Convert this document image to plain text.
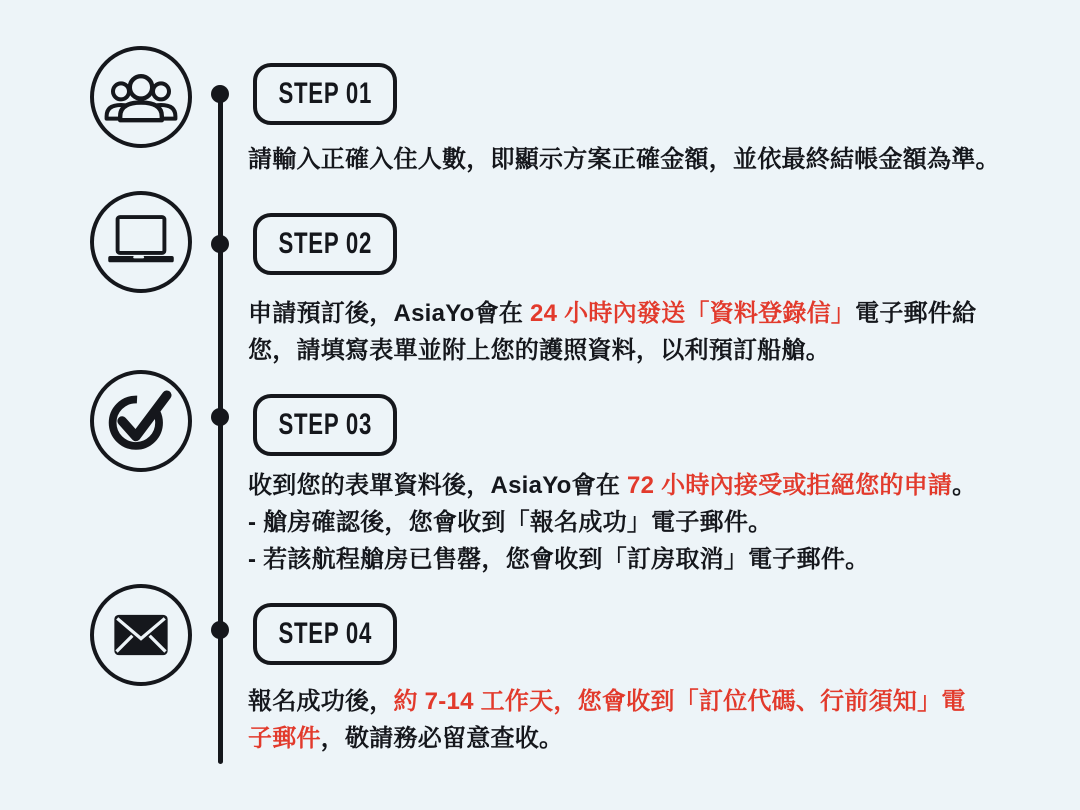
STEP 01
請輸入正確入住人數，即顯示方案正確金額，並依最終結帳金額為準。
STEP 02
申請預訂後，AsiaYo會在 24 小時內發送「資料登錄信」電子郵件給
您，請填寫表單並附上您的護照資料，以利預訂船艙。
STEP 03
收到您的表單資料後，AsiaYo會在 72 小時內接受或拒絕您的申請。
- 艙房確認後，您會收到「報名成功」電子郵件。
- 若該航程艙房已售罄，您會收到「訂房取消」電子郵件。
STEP 04
報名成功後，約 7-14 工作天，您會收到「訂位代碼、行前須知」電
子郵件，敬請務必留意查收。
